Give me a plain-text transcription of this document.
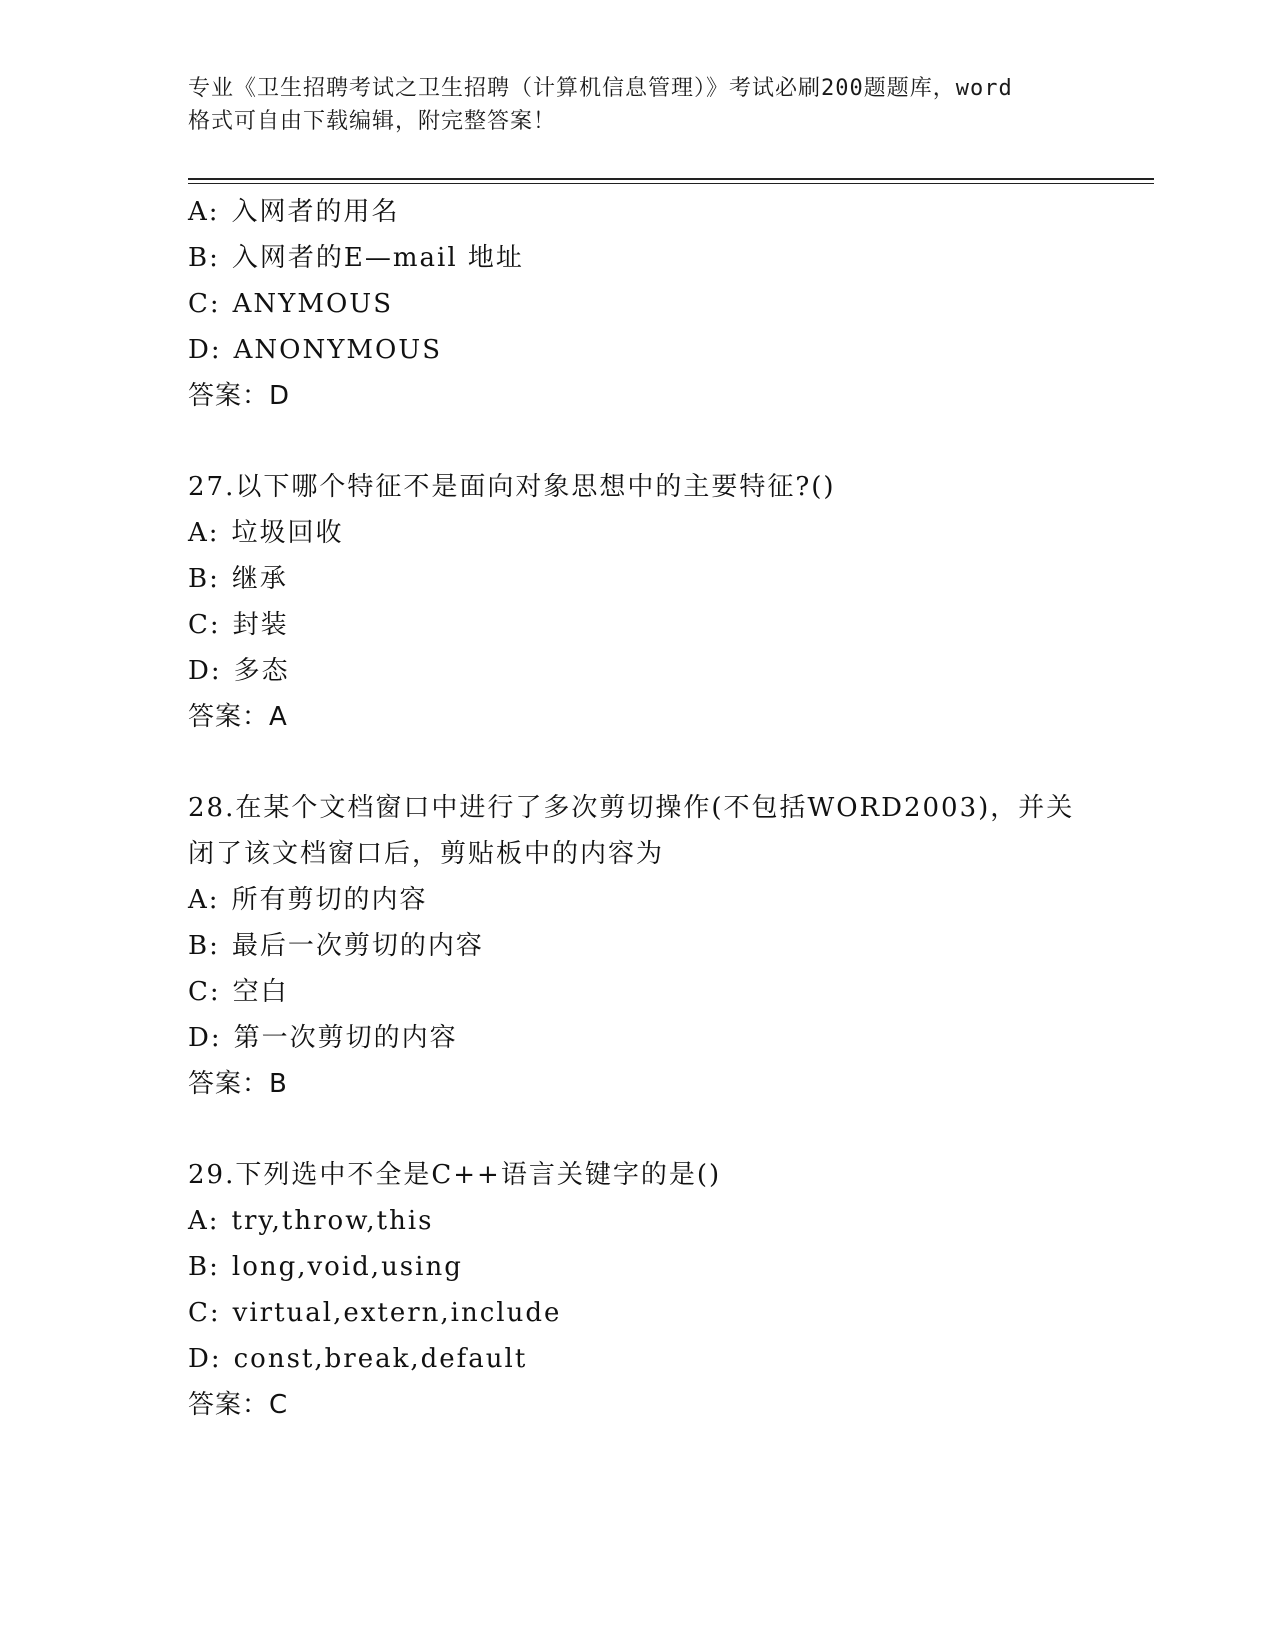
专业《卫生招聘考试之卫生招聘（计算机信息管理）》考试必刷200题题库，word
格式可自由下载编辑，附完整答案！
A: 入网者的用名
B: 入网者的E—mail 地址
C: ANYMOUS
D: ANONYMOUS
答案：D
27.以下哪个特征不是面向对象思想中的主要特征?()
A: 垃圾回收
B: 继承
C: 封装
D: 多态
答案：A
28.在某个文档窗口中进行了多次剪切操作(不包括WORD2003)，并关闭了该文档窗口后，剪贴板中的内容为
A: 所有剪切的内容
B: 最后一次剪切的内容
C: 空白
D: 第一次剪切的内容
答案：B
29.下列选中不全是C++语言关键字的是()
A: try,throw,this
B: long,void,using
C: virtual,extern,include
D: const,break,default
答案：C
